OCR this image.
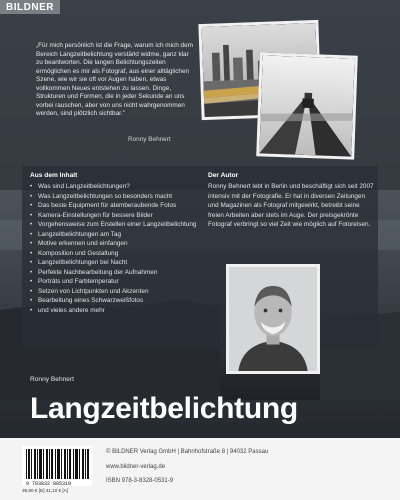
BILDNER
„Für mich persönlich ist die Frage, warum ich mich dem Bereich Langzeitbelichtung verstärkt widme, ganz klar zu beantworten. Die langen Belichtungszeiten ermöglichen es mir als Fotograf, aus einer alltäglichen Szene, wie wir sie oft vor Augen haben, etwas vollkommen Neues entstehen zu lassen. Dinge, Strukturen und Formen, die in jeder Sekunde an uns vorbei rauschen, aber von uns nicht wahrgenommen werden, sind plötzlich sichtbar."
Ronny Behnert
Aus dem Inhalt
• Was sind Langzeitbelichtungen?
• Was Langzeitbelichtungen so besonders macht
• Das beste Equipment für atemberaubende Fotos
• Kamera-Einstellungen für bessere Bilder
• Vorgehensweise zum Erstellen einer Langzeitbelichtung
• Langzeitbelichtungen am Tag
• Motive erkennen und einfangen
• Komposition und Gestaltung
• Langzeitbelichtungen bei Nacht
• Perfekte Nachbearbeitung der Aufnahmen
• Porträts und Farbtemperatur
• Setzen von Lichtpunkten und Akzenten
• Bearbeitung eines Schwarzweißfotos
• und vieles andere mehr
Der Autor
Ronny Behnert lebt in Berlin und beschäftigt sich seit 2007 intensiv mit der Fotografie. Er hat in diversen Zeitungen und Magazinen als Fotograf mitgewirkt, betreibt seine freien Arbeiten aber stets im Auge. Der preisgekrönte Fotograf verbringt so viel Zeit wie möglich auf Fotoreisen.
Ronny Behnert
Langzeitbelichtung
9 783832 805319
39,90 € [D] 41,10 € [A]
© BILDNER Verlag GmbH | Bahnhofstraße 8 | 94032 Passau
www.bildner-verlag.de
ISBN 978-3-8328-0531-9
